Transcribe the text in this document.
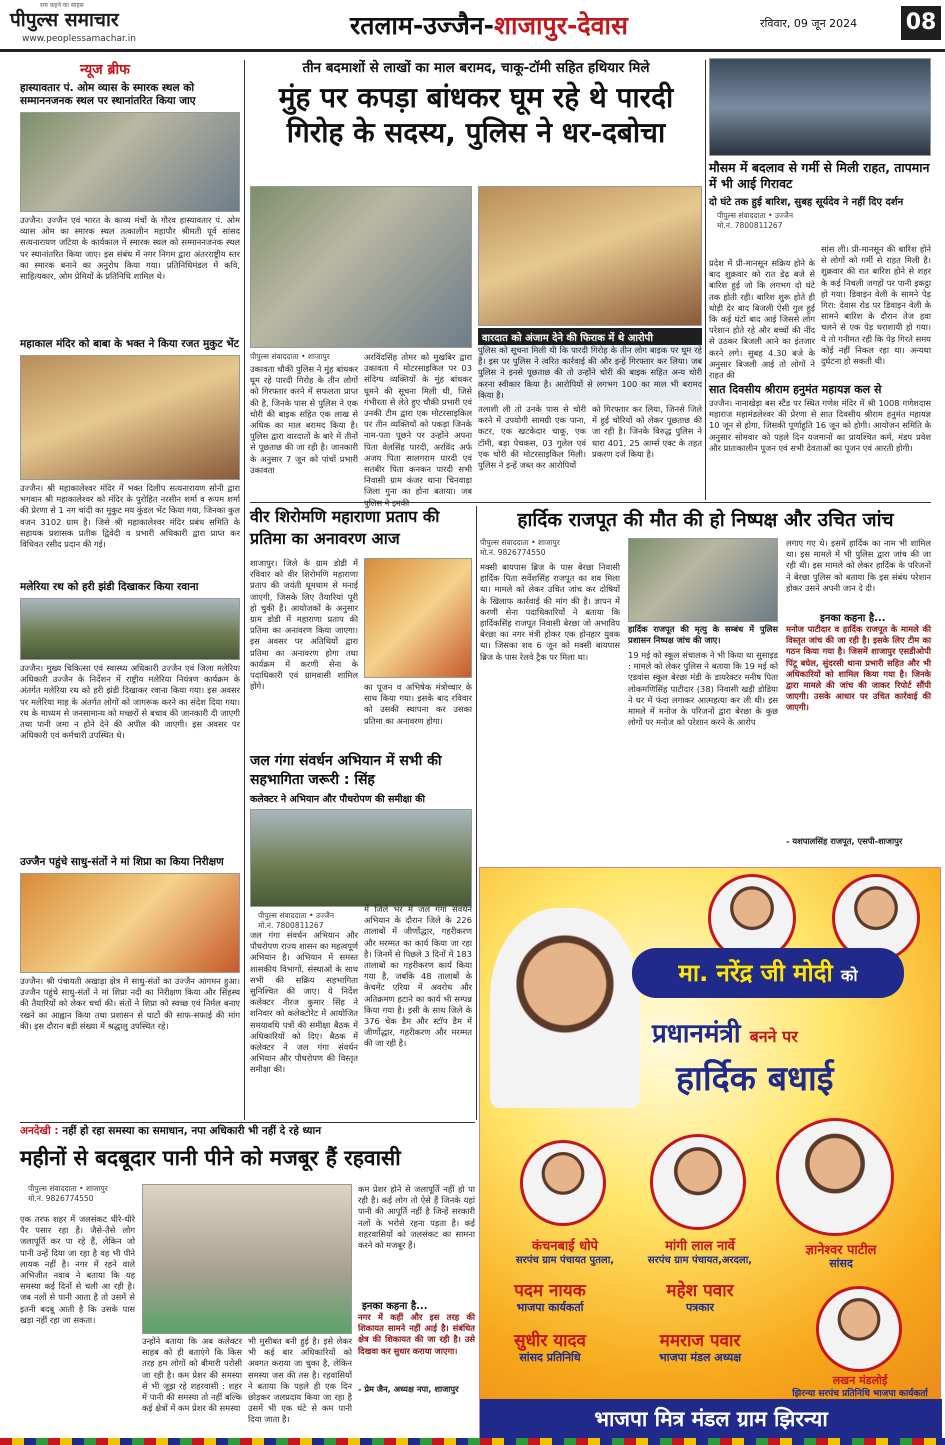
सच कहने का साहस
पीपुल्स समाचार
www.peoplessamachar.in	रतलाम-उज्जैन-शाजापुर-देवास	रविवार, 09 जून 2024 08
न्यूज ब्रीफ
हास्यावतार पं. ओम व्यास के स्मारक स्थल को सम्माननजनक स्थल पर स्थानांतरित किया जाए
उज्जैन। उज्जैन एवं भारत के काव्य मंचों के गौरव हास्यावतार पं. ओम व्यास ओम का स्मारक स्थल तत्कालीन महापौर श्रीमती पूर्व सांसद सत्यनारायण जटिया के कार्यकाल में स्मारक स्थल को सम्माननजनक स्थल पर स्थानांतरित किया जाए। इस संबंध में नगर निगम द्वारा अंतरराष्ट्रीय स्तर का स्मारक बनाने का अनुरोध किया गया। प्रतिनिधिमंडल में कवि, साहित्यकार, ओम प्रेमियों के प्रतिनिधि शामिल थे।
महाकाल मंदिर को बाबा के भक्त ने किया रजत मुकुट भेंट
उज्जैन। श्री महाकालेश्वर मंदिर में भक्त दिलीप सत्यनारायण सोनी द्वारा भगवान श्री महाकालेश्वर को मंदिर के पुरोहित नरसीन शर्मा व रूपम शर्मा की प्रेरणा से 1 नग चांदी का मुकुट मय कुंडल भेंट किया गया, जिनका कुल वजन 3102 ग्राम है। जिसे श्री महाकालेश्वर मंदिर प्रबंध समिति के सहायक प्रशासक प्रतीक द्विवेदी व प्रभारी अधिकारी द्वारा प्राप्त कर विधिवत रसीद प्रदान की गई।
मलेरिया रथ को हरी झंडी दिखाकर किया रवाना
उज्जैन। मुख्य चिकित्सा एवं स्वास्थ्य अधिकारी उज्जैन एवं जिला मलेरिया अधिकारी उज्जैन के निर्देशन में राष्ट्रीय मलेरिया नियंत्रण कार्यक्रम के अंतर्गत मलेरिया रथ को हरी झंडी दिखाकर रवाना किया गया। इस अवसर पर मलेरिया माह के अंतर्गत लोगों को जागरूक करने का संदेश दिया गया। रथ के माध्यम से जनसामान्य को मच्छरों से बचाव की जानकारी दी जाएगी तथा पानी जमा न होने देने की अपील की जाएगी। इस अवसर पर अधिकारी एवं कर्मचारी उपस्थित थे।
उज्जैन पहुंचे साधु-संतों ने मां शिप्रा का किया निरीक्षण
उज्जैन। श्री पंचायती अखाड़ा क्षेत्र में साधु-संतों का उज्जैन आगमन हुआ। उज्जैन पहुंचे साधु-संतों ने मां शिप्रा नदी का निरीक्षण किया और सिंहस्थ की तैयारियों को लेकर चर्चा की। संतों ने शिप्रा को स्वच्छ एवं निर्मल बनाए रखने का आह्वान किया तथा प्रशासन से घाटों की साफ-सफाई की मांग की। इस दौरान बड़ी संख्या में श्रद्धालु उपस्थित रहे।
तीन बदमाशों से लाखों का माल बरामद, चाकू-टॉमी सहित हथियार मिले
मुंह पर कपड़ा बांधकर घूम रहे थे पारदी गिरोह के सदस्य, पुलिस ने धर-दबोचा
वारदात को अंजाम देने की फिराक में थे आरोपी
पीपुल्स संवाददाता • शाजापुर
उकावता चौकी पुलिस ने मुंह बांधकर घूम रहे पारदी गिरोह के तीन लोगों को गिरफ्तार करने में सफलता प्राप्त की है, जिनके पास से पुलिस ने एक चोरी की बाइक सहित एक लाख से अधिक का माल बरामद किया है। पुलिस द्वारा वारदातों के बारे में तीनों से पूछताछ की जा रही है। जानकारी के अनुसार 7 जून को पांचों प्रभारी उकावता
अरविंदसिंह तोमर को मुखबिर द्वारा उकावता में मोटरसाइकिल पर 03 संदिग्ध व्यक्तियों के मुंह बांधकर घूमने की सूचना मिली थी, जिसे गंभीरता से लेते हुए चौकी प्रभारी एवं उनकी टीम द्वारा एक मोटरसाइकिल पर तीन व्यक्तियों को पकड़ा जिनके नाम-पता पूछने पर उन्होंने अपना पिता वेलसिंह पारदी, अरविंद अर्फ अजय पिता सालगराम पारदी एवं सतबीर पिता कनकन पारदी सभी निवासी ग्राम कंजर थाना चिनवाड़ा जिला गुना का होना बताया। जब
पुलिस को सूचना मिली थी कि पारदी गिरोह के तीन लोग बाइक पर घूम रहे हैं। इस पर पुलिस ने त्वरित कार्रवाई की और इन्हें गिरफ्तार कर लिया। जब पुलिस ने इनसे पूछताछ की तो उन्होंने चोरी की बाइक सहित अन्य चोरी करना स्वीकार किया है। आरोपियों से लगभग 100 का माल भी बरामद किया है।
तलाशी ली तो उनके पास से चोरी करने में उपयोगी सामग्री एक पाना, कटर, एक खटकेदार चाकू, एक टॉमी, बड़ा पेचकस, 03 गुलेल एवं एक चोरी की मोटरसाइकिल मिली। पुलिस ने इन्हें जब्त कर आरोपियों
को गिरफ्तार कर लिया, जिनसे जिले में हुई चोरियों को लेकर पूछताछ की जा रही है। जिनके विरुद्ध पुलिस ने धारा 401, 25 आर्म्स एक्ट के तहत प्रकरण दर्ज किया है।
मौसम में बदलाव से गर्मी से मिली राहत, तापमान में भी आई गिरावट
दो घंटे तक हुई बारिश, सुबह सूर्यदेव ने नहीं दिए दर्शन
पीपुल्स संवाददाता • उज्जैन
मो.नं. 7800811267
प्रदेश में प्री-मानसून सक्रिय होने के बाद शुक्रवार को रात डेढ़ बजे से बारिश हुई जो कि लगभग दो घंटे तक होती रही। बारिश शुरू होते ही थोड़ी देर बाद बिजली ऐसी गुल हुई कि कई घंटों बाद आई जिससे लोग परेशान होते रहे और बच्चों की नींद से उठकर बिजली आने का इंतजार करने लगे। सुबह 4.30 बजे के अनुसार बिजली आई तो लोगों ने राहत की
सांस ली। प्री-मानसून की बारिश होने से लोगों को गर्मी से राहत मिली है। शुक्रवार की रात बारिश होने से शहर के कई निचली जगहों पर पानी इकट्ठा हो गया। डिवाइन वेली के सामने पेड़ गिरा: देवास रोड पर डिवाइन वेली के सामने बारिश के दौरान तेज हवा चलने से एक पेड़ धराशायी हो गया। ये तो गनीमत रही कि पेड़ गिरते समय कोई नहीं निकल रहा था। अन्यथा दुर्घटना हो सकती थी।
सात दिवसीय श्रीराम हनुमंत महायज्ञ कल से
उज्जैन। नानाखेड़ा बस स्टैंड पर स्थित गणेश मंदिर में श्री 1008 गणेशदास महाराज महामंडलेश्वर की प्रेरणा से सात दिवसीय श्रीराम हनुमंत महायज्ञ 10 जून से होगा, जिसकी पूर्णाहुति 16 जून को होगी। आयोजन समिति के अनुसार सोमवार को पहले दिन यजमानों का प्रायश्चित कर्म, मंडप प्रवेश और प्रातःकालीन पूजन एवं सभी देवताओं का पूजन एवं आरती होगी।
वीर शिरोमणि महाराणा प्रताप की प्रतिमा का अनावरण आज
शाजापुर। जिले के ग्राम डोडी में रविवार को वीर शिरोमणि महाराणा प्रताप की जयंती धूमधाम से मनाई जाएगी, जिसके लिए तैयारियां पूरी हो चुकी हैं। आयोजकों के अनुसार ग्राम डोडी में महाराणा प्रताप की प्रतिमा का अनावरण किया जाएगा। इस अवसर पर अतिथियों द्वारा प्रतिमा का अनावरण होगा तथा कार्यक्रम में करणी सेना के पदाधिकारी एवं ग्रामवासी शामिल होंगे।	का पूजन व अभिषेक मंत्रोच्चार के साथ किया गया। इसके बाद रविवार को उसकी स्थापना कर उसका प्रतिमा का अनावरण होगा।
जल गंगा संवर्धन अभियान में सभी की सहभागिता जरूरी : सिंह
कलेक्टर ने अभियान और पौधरोपण की समीक्षा की
पीपुल्स संवाददाता • उज्जैन
मो.नं. 7800811267
जल गंगा संवर्धन अभियान और पौधरोपण राज्य शासन का महत्वपूर्ण अभियान है। अभियान में समस्त शासकीय विभागों, संस्थाओं के साथ सभी की सक्रिय सहभागिता सुनिश्चित की जाए। ये निर्देश कलेक्टर नीरज कुमार सिंह ने शनिवार को कलेक्टोरेट में आयोजित समयावधि पत्रों की समीक्षा बैठक में अधिकारियों को दिए। बैठक में कलेक्टर ने जल गंगा संवर्धन अभियान और पौधरोपण की विस्तृत समीक्षा की।
में जिले भर में जल गंगा संवर्धन अभियान के दौरान जिले के 226 तालाबों में जीर्णोद्धार, गहरीकरण और मरम्मत का कार्य किया जा रहा है। जिनमें से पिछले 3 दिनों में 183 तालाबों का गहरीकरण कार्य किया गया है, जबकि 48 तालाबों के केचमेंट एरिया में अवरोध और अतिक्रमण हटाने का कार्य भी सम्पन्न किया गया है। इसी के साथ जिले के 376 चेक डैम और स्टॉप डैम में जीर्णोद्धार, गहरीकरण और मरम्मत की जा रही है।
हार्दिक राजपूत की मौत की हो निष्पक्ष और उचित जांच
पीपुल्स संवाददाता • शाजापुर
मो.नं. 9826774550
मक्सी बायपास ब्रिज के पास बेरछा निवासी हार्दिक पिता सर्वेशसिंह राजपूत का शव मिला था। मामले को लेकर उचित जांच कर दोषियों के खिलाफ कार्रवाई की मांग की है। ज्ञापन में करणी सेना पदाधिकारियों ने बताया कि हार्दिकसिंह राजपूत निवासी बेरछा जो अभाविप बेरछा का नगर मंत्री होकर एक होनहार युवक था। जिसका शव 6 जून को मक्सी बायपास ब्रिज के पास रेलवे ट्रैक पर मिला था।
हार्दिक राजपूत की मृत्यु के सम्बंध में पुलिस प्रशासन निष्पक्ष जांच की जाए।
19 मई को स्कूल संचालक ने भी किया था सुसाइड : मामले को लेकर पुलिस ने बताया कि 19 मई को एडवांस स्कूल बेरछा मंडी के डायरेक्टर मनीष पिता लोकमणिसिंह पाटीदार (38) निवासी खड़ी डोडिया ने घर में फंदा लगाकर आत्महत्या कर ली थी। इस मामले में मनोज के परिजनों द्वारा बेरछा के कुछ लोगों पर मनोज को परेशान करने के आरोप
लगाए गए थे। इसमें हार्दिक का नाम भी शामिल था। इस मामले में भी पुलिस द्वारा जांच की जा रही थी। इस मामले को लेकर हार्दिक के परिजनों ने बेरछा पुलिस को बताया कि इस संबंध परेशान होकर उसने अपनी जान दे दी।
इनका कहना है...
मनोज पाटीदार व हार्दिक राजपूत के मामले की विस्तृत जांच की जा रही है। इसके लिए टीम का गठन किया गया है। जिसमें शाजापुर एसडीओपी पिंटू बघेल, सुंदरसी थाना प्रभारी सहित और भी अधिकारियों को शामिल किया गया है। जिनके द्वारा मामले की जांच की जाकर रिपोर्ट सौंपी जाएगी। उसके आधार पर उचित कार्रवाई की जाएगी।
- यशपालसिंह राजपूत, एसपी-शाजापुर
अनदेखी : नहीं हो रहा समस्या का समाधान, नपा अधिकारी भी नहीं दे रहे ध्यान
महीनों से बदबूदार पानी पीने को मजबूर हैं रहवासी
पीपुल्स संवाददाता • शाजापुर
मो.नं. 9826774550
एक तरफ शहर में जलसंकट धीरे-धीरे पैर पसार रहा है। जैसे-तैसे लोग जलापूर्ति कर पा रहे हैं, लेकिन जो पानी उन्हें दिया जा रहा है वह भी पीने लायक नहीं है। नगर में रहने वाले अभिजीत नवाब ने बताया कि यह समस्या कई दिनों से चली आ रही है। जब नलों से पानी आता है तो उसमें से इतनी बदबू आती है कि उसके पास खड़ा नहीं रहा जा सकता।
उन्होंने बताया कि अब कलेक्टर साहब को ही बताएंगे कि किस तरह हम लोगों को बीमारी परोसी जा रही है। कम प्रेशर की समस्या से भी जूझ रहे शहरवासी : शहर में पानी की समस्या तो नहीं बल्कि कई क्षेत्रों में कम प्रेशर की समस्या
कम प्रेशर होने से जलापूर्ति नहीं हो पा रही है। कई लोग तो ऐसे हैं जिनके यहां पानी की आपूर्ति नहीं है जिन्हें सरकारी नलों के भरोसे रहना पड़ता है। कई शहरवासियों को जलसंकट का सामना करने को मजबूर हैं।
इनका कहना है...
नगर में कहीं और इस तरह की शिकायत सामने नहीं आई है। संबंधित क्षेत्र की शिकायत की जा रही है। उसे दिखवा कर सुधार कराया जाएगा।
- प्रेम जैन, अध्यक्ष नपा, शाजापुर
भी मुसीबत बनी हुई है। इसे लेकर भी कई बार अधिकारियों को अवगत कराया जा चुका है, लेकिन समस्या जस की तस है। रहवासियों ने बताया कि पहले ही एक दिन छोड़कर जलप्रदाय किया जा रहा है उसमें भी एक घंटे से कम पानी दिया जाता है।
मा. नरेंद्र जी मोदी को
प्रधानमंत्री बनने पर
हार्दिक बधाई
कंचनबाई धोपे
सरपंच ग्राम पंचायत पुतला,
मांगी लाल नार्वे
सरपंच ग्राम पंचायत,अरदला,
ज्ञानेश्वर पाटील
सांसद
पदम नायक
भाजपा कार्यकर्ता
महेश पवार
पत्रकार
सुधीर यादव
सांसद प्रतिनिधि
ममराज पवार
भाजपा मंडल अध्यक्ष
लखन मंडलोई
झिरन्या सरपंच प्रतिनिधि भाजपा कार्यकर्ता
भाजपा मित्र मंडल ग्राम झिरन्या
